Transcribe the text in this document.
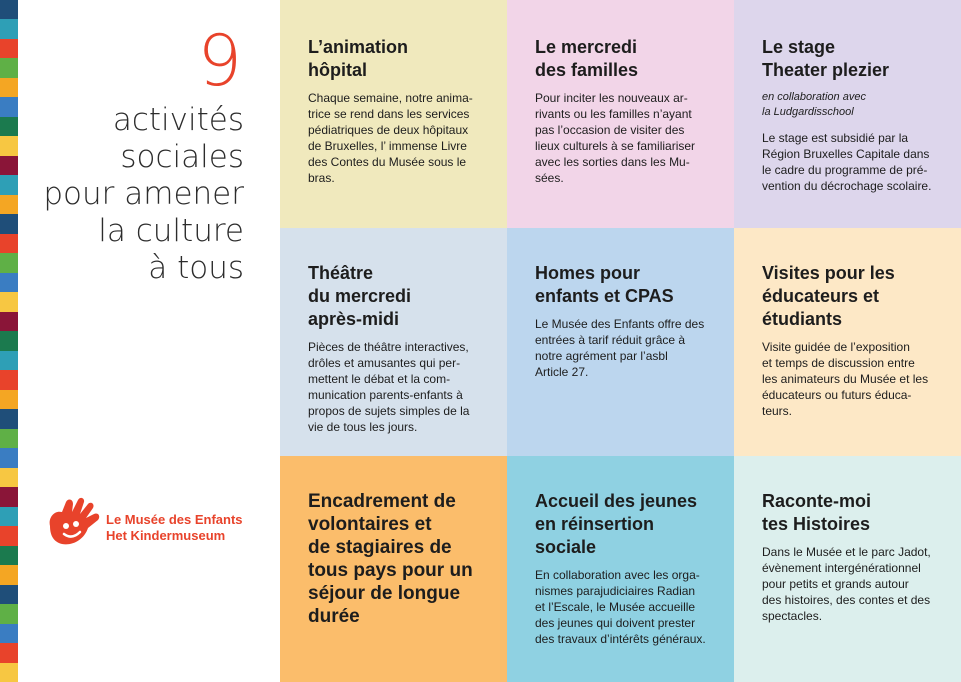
9
activités
sociales
pour amener
la culture
à tous
Le Musée des Enfants
Het Kindermuseum
L’animation
hôpital

Chaque semaine, notre anima-
trice se rend dans les services
pédiatriques de deux hôpitaux
de Bruxelles, l’ immense Livre
des Contes du Musée sous le
bras.

Le mercredi
des familles

Pour inciter les nouveaux ar-
rivants ou les familles n’ayant
pas l’occasion de visiter des
lieux culturels à se familiariser
avec les sorties dans les Mu-
sées.

Le stage
Theater plezier
en collaboration avec
la Ludgardisschool

Le stage est subsidié par la
Région Bruxelles Capitale dans
le cadre du programme de pré-
vention du décrochage scolaire.

Théâtre
du mercredi
après-midi

Pièces de théâtre interactives,
drôles et amusantes qui per-
mettent le débat et la com-
munication parents-enfants à
propos de sujets simples de la
vie de tous les jours.

Homes pour
enfants et CPAS

Le Musée des Enfants offre des
entrées à tarif réduit grâce à
notre agrément par l’asbl
Article 27.

Visites pour les
éducateurs et
étudiants

Visite guidée de l’exposition
et temps de discussion entre
les animateurs du Musée et les
éducateurs ou futurs éduca-
teurs.

Encadrement de
volontaires et
de stagiaires de
tous pays pour un
séjour de longue
durée
Accueil des jeunes
en réinsertion
sociale

En collaboration avec les orga-
nismes parajudiciaires Radian
et l’Escale, le Musée accueille
des jeunes qui doivent prester
des travaux d’intérêts généraux.

Raconte-moi
tes Histoires

Dans le Musée et le parc Jadot,
évènement intergénérationnel
pour petits et grands autour
des histoires, des contes et des
spectacles.
